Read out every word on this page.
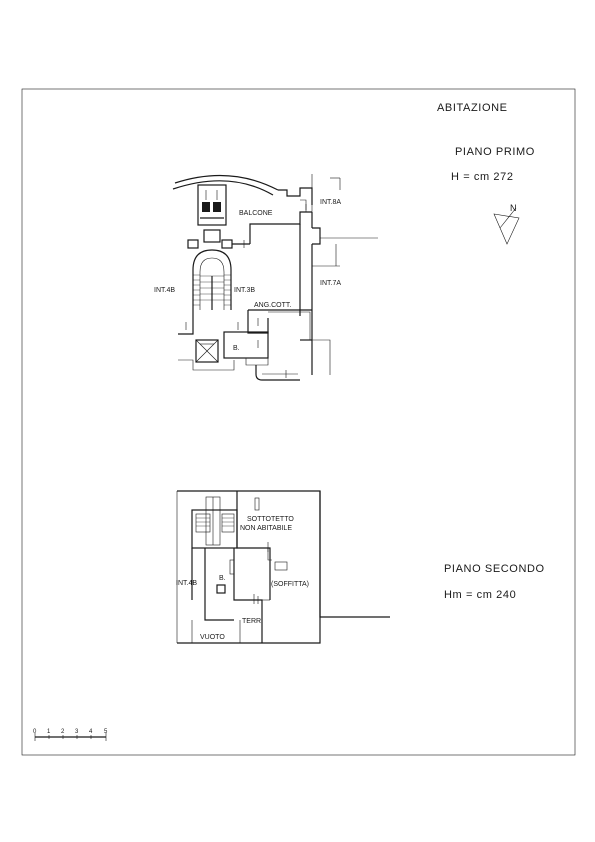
ABITAZIONE
PIANO PRIMO
H = cm 272
PIANO SECONDO
Hm = cm 240
N
BALCONE
INT.8A
INT.4B	INT.3B
INT.7A
ANG.COTT.
B.
SOTTOTETTO
NON ABITABILE
INT.4B
B.
(SOFFITTA)
TERR.
VUOTO
0 1 2 3 4 5
